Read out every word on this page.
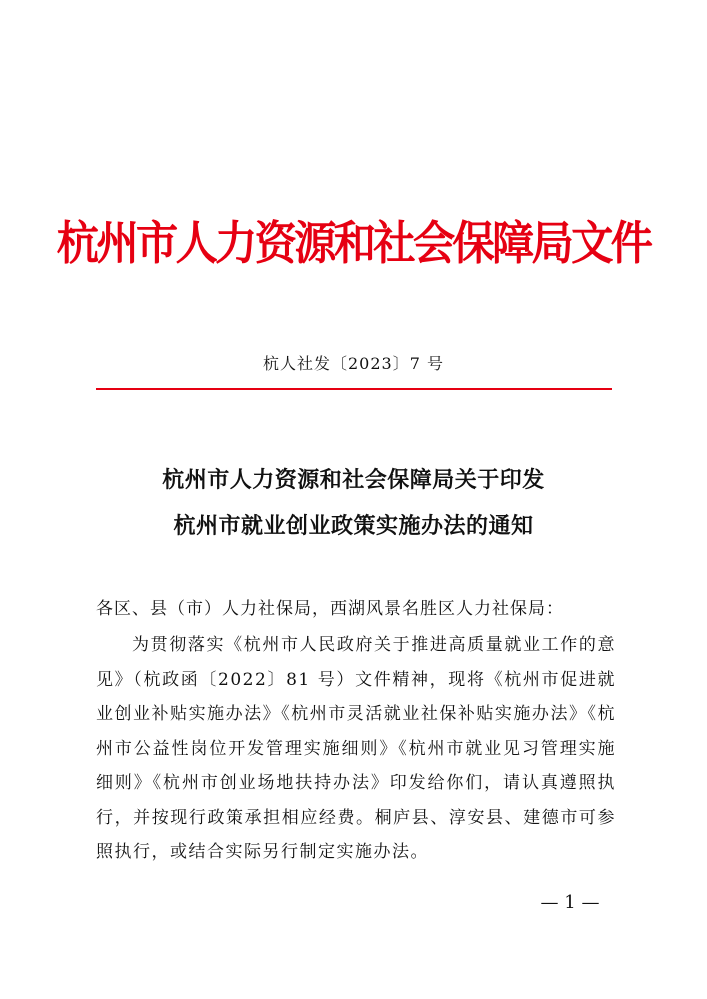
杭州市人力资源和社会保障局文件
杭人社发〔2023〕7 号
杭州市人力资源和社会保障局关于印发
杭州市就业创业政策实施办法的通知
各区、县（市）人力社保局，西湖风景名胜区人力社保局：
为贯彻落实《杭州市人民政府关于推进高质量就业工作的意见》（杭政函〔2022〕81 号）文件精神，现将《杭州市促进就业创业补贴实施办法》《杭州市灵活就业社保补贴实施办法》《杭州市公益性岗位开发管理实施细则》《杭州市就业见习管理实施细则》《杭州市创业场地扶持办法》印发给你们，请认真遵照执行，并按现行政策承担相应经费。桐庐县、淳安县、建德市可参照执行，或结合实际另行制定实施办法。
— 1 —
